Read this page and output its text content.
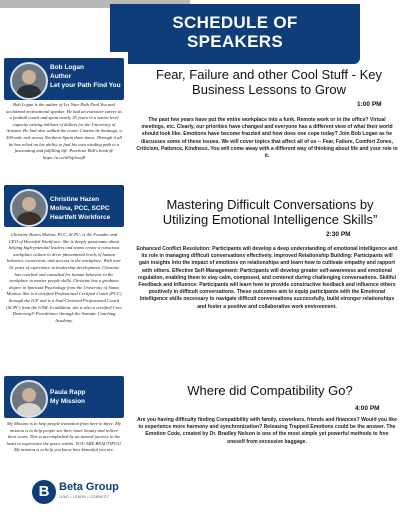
SCHEDULE OF
SPEAKERS
Bob Logan
Author
Let your Path Find You

Bob Logan is the author of Let Your Path Find You and acclaimed motivational speaker. He had an extensive career as a football coach and spent nearly 30 years in a senior level capacity raising millions of dollars for the University of Arizona. He had also walked the iconic Camino de Santiago, a 500-mile trek across Northern Spain three times. Through it all he has relied on his ability to find his own winding path to a fascinating and fulfilling life. Purchase Bob's book @ https://a.co/d/0qrlwaf8

Fear, Failure and other Cool Stuff - Key Business Lessons to Grow
1:00 PM

The past few years have put the entire workplace into a funk. Remote work or in the office? Virtual meetings, etc. Clearly, our priorities have changed and everyone has a different view of what their world should look like. Emotions have become frazzled and how does one cope today? Join Bob Logan as he discusses some of these issues. We will cover topics that affect all of us -- Fear, Failure, Comfort Zones, Criticism, Patience, Kindness. You will come away with a different way of thinking about life and your role in it.

Christine Hazen Molina, PCC, SCPC
Heartfelt Workforce

Christine Hazen Molina, PCC, SCPC, is the Founder and CEO of Heartfelt Workforce. She is deeply passionate about helping high-potential leaders and teams create a conscious workplace culture to drive phenomenal levels of human behavior, connection, and success in the workplace. With over 16 years of experience in leadership development, Christine has coached and consulted for human behavior in the workplace to master people skills. Christine has a graduate degree in Spiritual Psychology from the University of Santa Monica. She is a certified Professional Certified Coach (PCC) through the ICF and is a Soul-Centered Professional Coach (SCPC) from the USM. In addition, she is also a certified Core Dentering® Practitioner through the Somatic Coaching Academy.

Mastering Difficult Conversations by Utilizing Emotional Intelligence Skills”
2:30 PM

Enhanced Conflict Resolution: Participants will develop a deep understanding of emotional intelligence and its role in managing difficult conversations effectively. Improved Relationship Building: Participants will gain insights into the impact of emotions on relationships and learn how to cultivate empathy and rapport with others. Effective Self-Management: Participants will develop greater self-awareness and emotional regulation, enabling them to stay calm, composed, and centered during challenging conversations. Skillful Feedback and Influence: Participants will learn how to provide constructive feedback and influence others positively in difficult conversations. These outcomes aim to equip participants with the Emotional Intelligence skills necessary to navigate difficult conversations successfully, build stronger relationships and foster a positive and collaborative work environment.

Paula Rapp
My Mission

My Mission is to help people transition from here to there. My mission is to help people see their inner beauty and relieve their scars. This is accomplished by an inward journey to the heart to experience the peace within. YOU ARE BEAUTIFUL! My mission is to help you know how beautiful you are.

Where did Compatibility Go?
4:00 PM

Are you having difficulty finding Compatibility with family, coworkers, friends and finances? Would you like to experience more harmony and synchronization? Releasing Trapped Emotions could be the answer. The Emotion Code, created by Dr. Bradley Nelson is one of the most simple yet powerful methods to free oneself from excessive baggage.

B Beta Group
LEAD • LEARN • CONNECT
